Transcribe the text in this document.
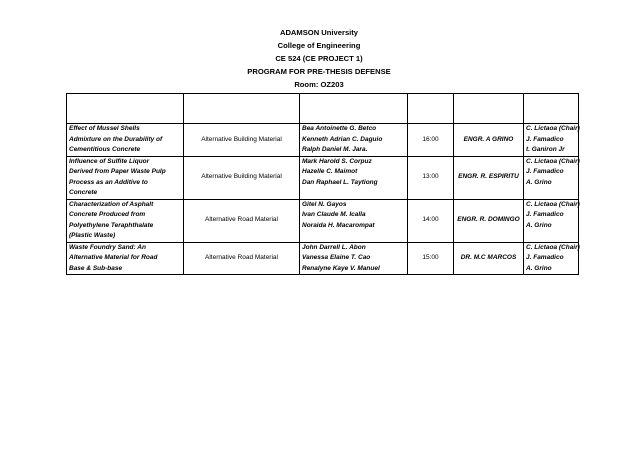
ADAMSON University
College of Engineering
CE 524 (CE PROJECT 1)
PROGRAM FOR PRE-THESIS DEFENSE
Room: OZ203

Effect of Mussel Shells
Admixture on the Durability of
Cementitious Concrete	Alternative Building Material	Bea Antoinette G. Betco
Kenneth Adrian C. Daguio
Ralph Daniel M. Jara.	16:00	ENGR. A GRINO	C. Lictaoa (Chair)
J. Famadico
t. Ganiron Jr

Influence of Sulfite Liquor
Derived from Paper Waste Pulp
Process as an Additive to
Concrete	Alternative Building Material	Mark Harold S. Corpuz
Hazelle C. Maimot
Dan Raphael L. Taytiong	13:00	ENGR. R. ESPIRITU	C. Lictaoa (Chair)
J. Famadico
A. Grino

Characterization of Asphalt
Concrete Produced from
Polyethylene Teraphthalate
(Plastic Waste)	Alternative Road Material	Gitel N. Gayos
Ivan Claude M. Icalla
Noraida H. Macarompat	14:00	ENGR. R. DOMINGO	C. Lictaoa (Chair)
J. Famadico
A. Grino

Waste Foundry Sand: An
Alternative Material for Road
Base & Sub-base	Alternative Road Material	John Darrell L. Abon
Vanessa Elaine T. Cao
Renalyne Kaye V. Manuel	15:00	DR. M.C MARCOS	C. Lictaoa (Chair)
J. Famadico
A. Grino
